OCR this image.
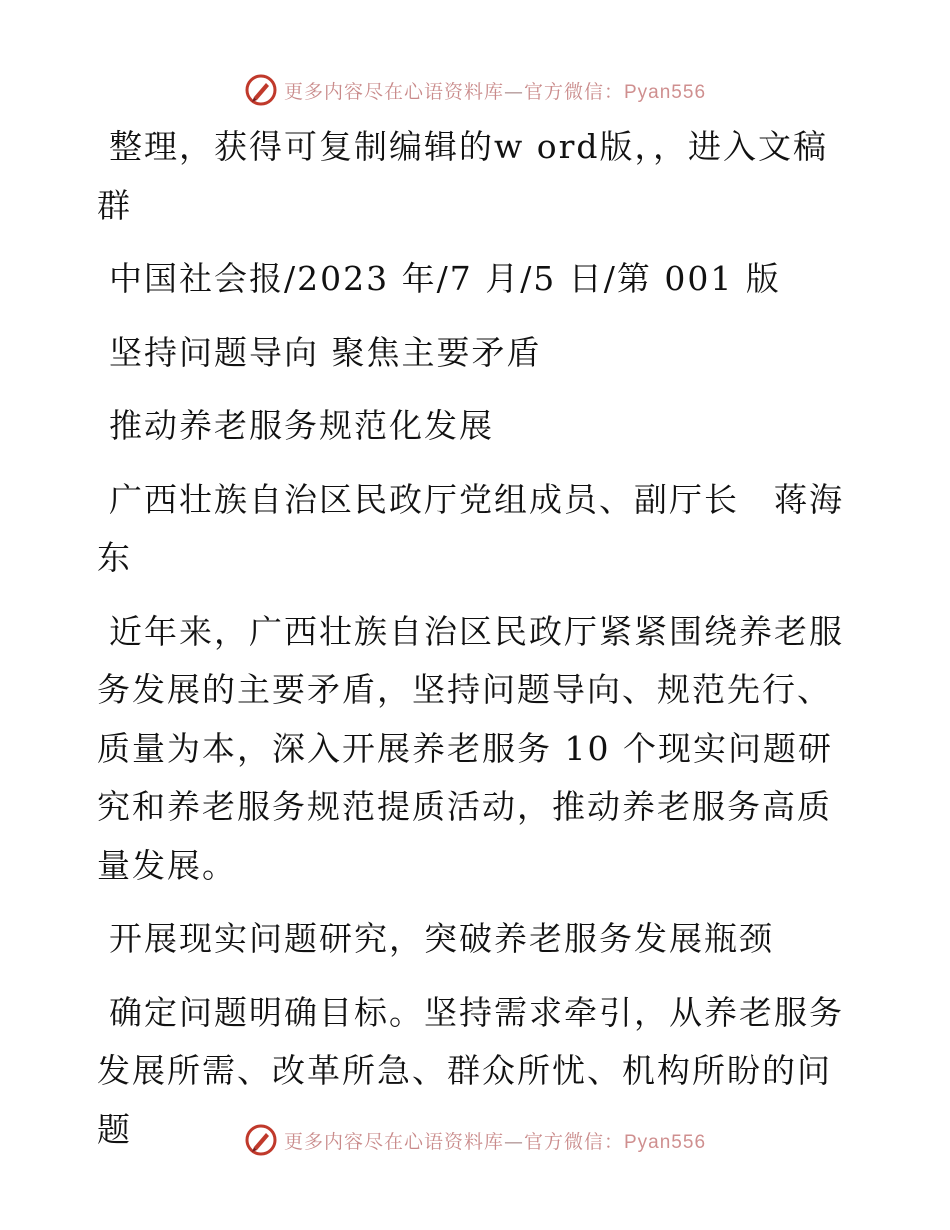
更多内容尽在心语资料库—官方微信：Pyan556

整理，获得可复制编辑的w ord版，，进入文稿群

中国社会报/2023 年/7 月/5 日/第 001 版

坚持问题导向 聚焦主要矛盾

推动养老服务规范化发展

广西壮族自治区民政厅党组成员、副厅长　蒋海东

近年来，广西壮族自治区民政厅紧紧围绕养老服务发展的主要矛盾，坚持问题导向、规范先行、质量为本，深入开展养老服务 10 个现实问题研究和养老服务规范提质活动，推动养老服务高质量发展。

开展现实问题研究，突破养老服务发展瓶颈

确定问题明确目标。坚持需求牵引，从养老服务发展所需、改革所急、群众所忧、机构所盼的问题	更多内容尽在心语资料库—官方微信：Pyan556
